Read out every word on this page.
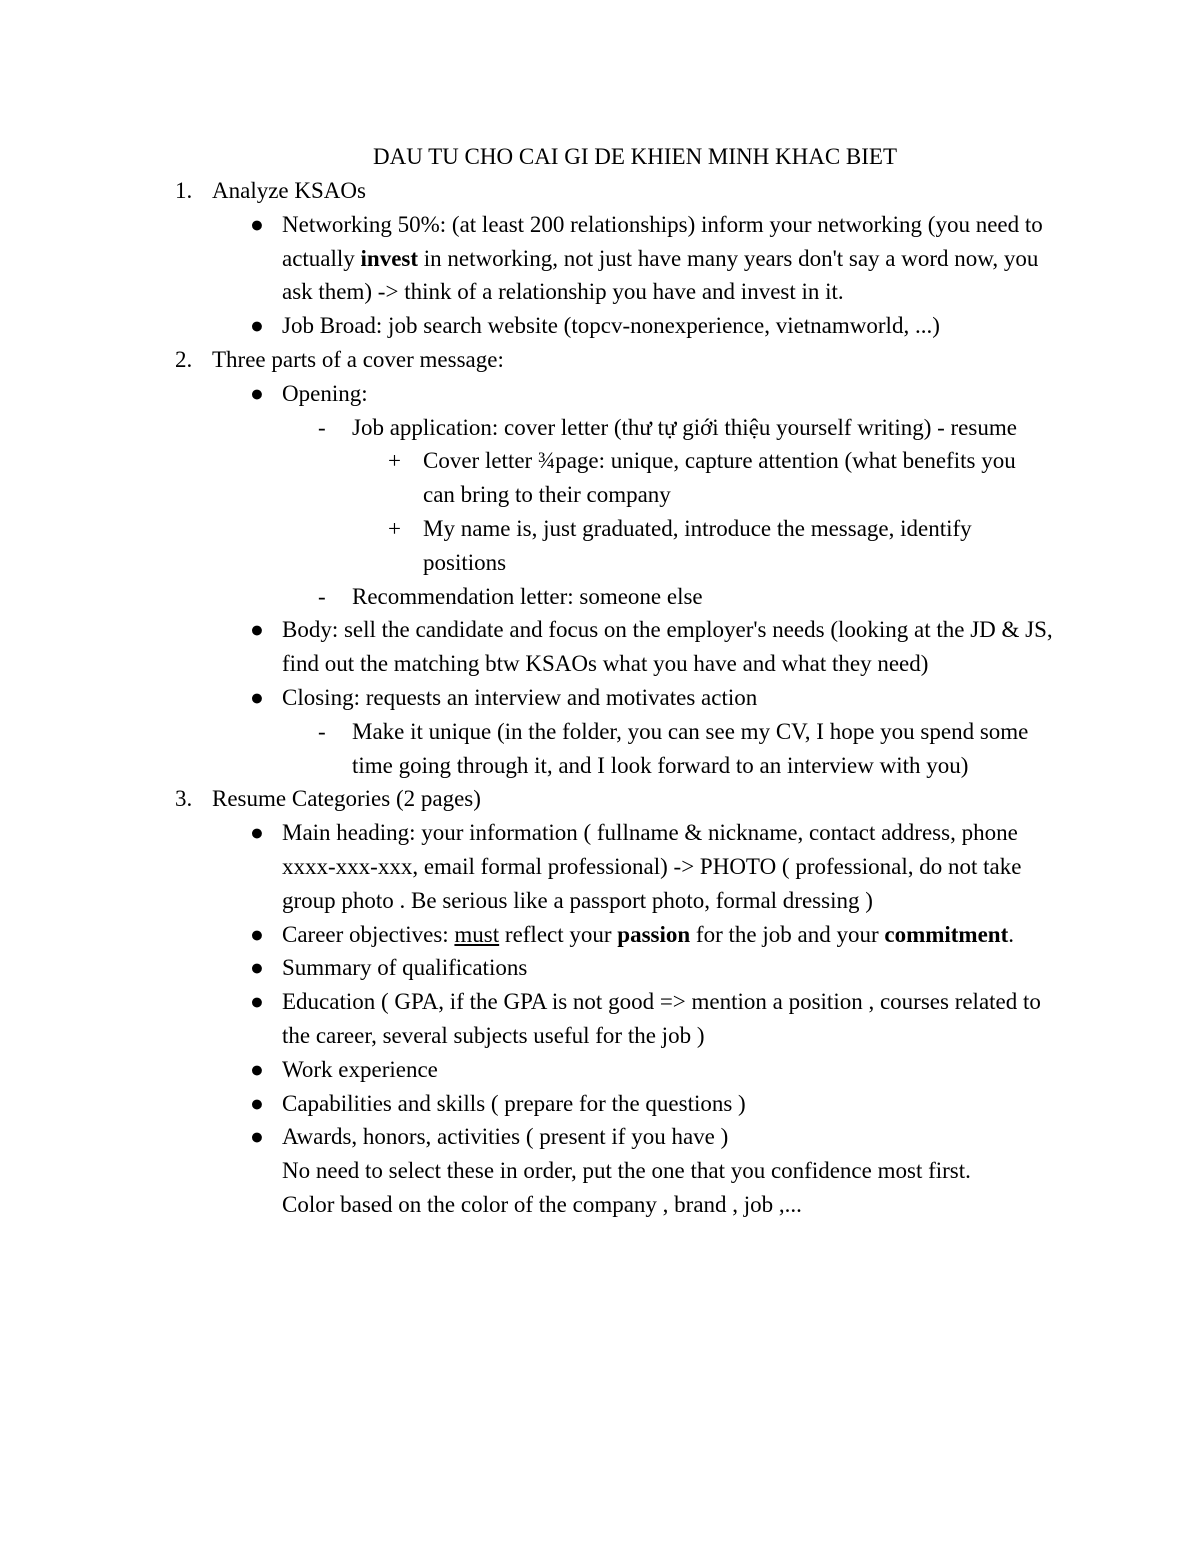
DAU TU CHO CAI GI DE KHIEN MINH KHAC BIET
1. Analyze KSAOs
● Networking 50%: (at least 200 relationships) inform your networking (you need to actually invest in networking, not just have many years don't say a word now, you ask them) -> think of a relationship you have and invest in it.
● Job Broad: job search website (topcv-nonexperience, vietnamworld, ...)
2. Three parts of a cover message:
● Opening:
- Job application: cover letter (thư tự giới thiệu yourself writing) - resume
+ Cover letter ¾page: unique, capture attention (what benefits you can bring to their company
+ My name is, just graduated, introduce the message, identify positions
- Recommendation letter: someone else
● Body: sell the candidate and focus on the employer's needs (looking at the JD & JS, find out the matching btw KSAOs what you have and what they need)
● Closing: requests an interview and motivates action
- Make it unique (in the folder, you can see my CV, I hope you spend some time going through it, and I look forward to an interview with you)
3. Resume Categories (2 pages)
● Main heading: your information ( fullname & nickname, contact address, phone xxxx-xxx-xxx, email formal professional) -> PHOTO ( professional, do not take group photo . Be serious like a passport photo, formal dressing )
● Career objectives: must reflect your passion for the job and your commitment.
● Summary of qualifications
● Education ( GPA, if the GPA is not good => mention a position , courses related to the career, several subjects useful for the job )
● Work experience
● Capabilities and skills ( prepare for the questions )
● Awards, honors, activities ( present if you have )
No need to select these in order, put the one that you confidence most first.
Color based on the color of the company , brand , job ,...
